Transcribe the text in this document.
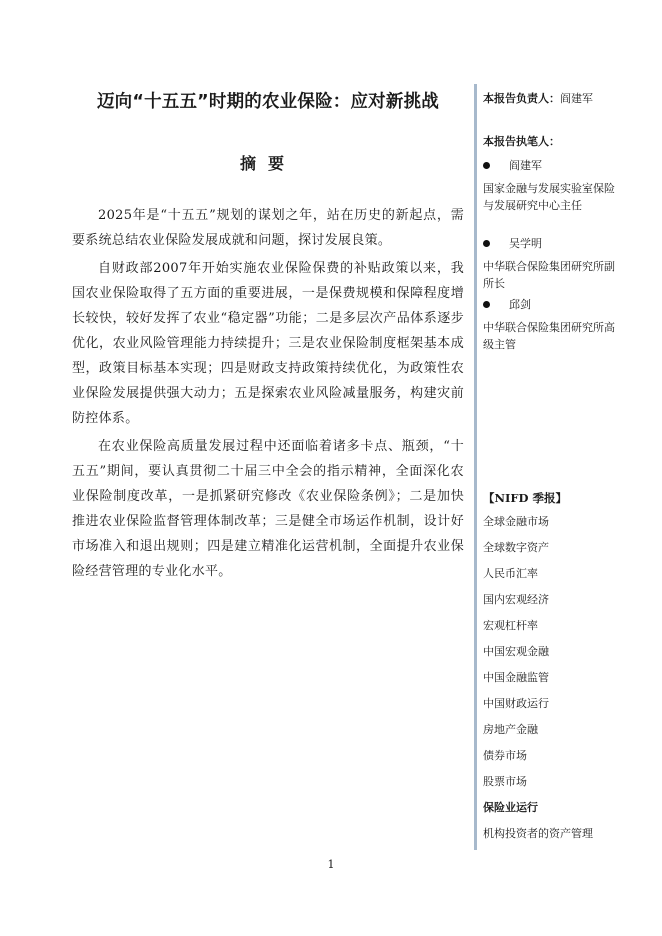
迈向“十五五”时期的农业保险：应对新挑战
摘要

2025年是“十五五”规划的谋划之年，站在历史的新起点，需要系统总结农业保险发展成就和问题，探讨发展良策。

自财政部2007年开始实施农业保险保费的补贴政策以来，我国农业保险取得了五方面的重要进展，一是保费规模和保障程度增长较快，较好发挥了农业“稳定器”功能；二是多层次产品体系逐步优化，农业风险管理能力持续提升；三是农业保险制度框架基本成型，政策目标基本实现；四是财政支持政策持续优化，为政策性农业保险发展提供强大动力；五是探索农业风险减量服务，构建灾前防控体系。

在农业保险高质量发展过程中还面临着诸多卡点、瓶颈，“十五五”期间，要认真贯彻二十届三中全会的指示精神，全面深化农业保险制度改革，一是抓紧研究修改《农业保险条例》；二是加快推进农业保险监督管理体制改革；三是健全市场运作机制，设计好市场准入和退出规则；四是建立精准化运营机制，全面提升农业保险经营管理的专业化水平。

本报告负责人：阎建军
本报告执笔人：
阎建军
国家金融与发展实验室保险与发展研究中心主任
吴学明
中华联合保险集团研究所副所长
邱剑
中华联合保险集团研究所高级主管
【NIFD 季报】
全球金融市场
全球数字资产
人民币汇率
国内宏观经济
宏观杠杆率
中国宏观金融
中国金融监管
中国财政运行
房地产金融
债券市场
股票市场
保险业运行
机构投资者的资产管理
1
